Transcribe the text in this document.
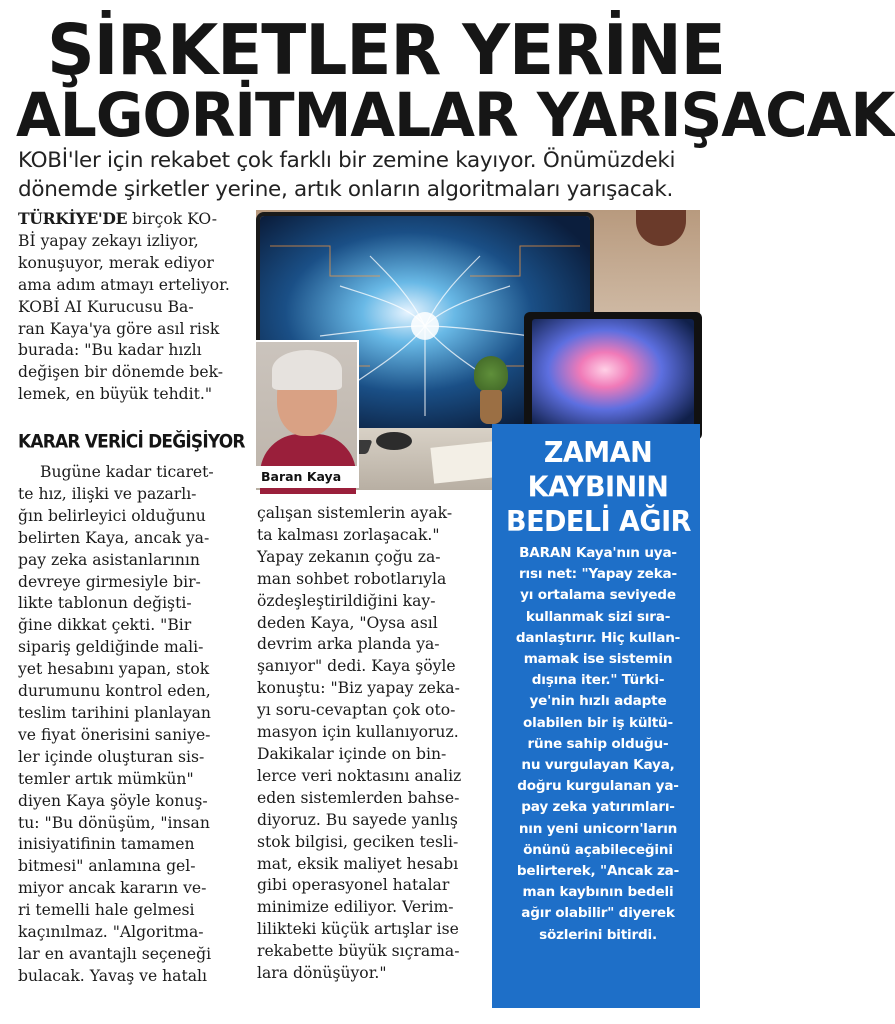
ŞİRKETLER YERİNE
ALGORİTMALAR YARIŞACAK

KOBİ'ler için rekabet çok farklı bir zemine kayıyor. Önümüzdeki

dönemde şirketler yerine, artık onların algoritmaları yarışacak.

TÜRKİYE'DE birçok KO-

Bİ yapay zekayı izliyor,

konuşuyor, merak ediyor

ama adım atmayı erteliyor.

KOBİ AI Kurucusu Ba-

ran Kaya'ya göre asıl risk

burada: "Bu kadar hızlı

değişen bir dönemde bek-

lemek, en büyük tehdit."

KARAR VERİCİ DEĞİŞİYOR

Bugüne kadar ticaret-

te hız, ilişki ve pazarlı-

ğın belirleyici olduğunu

belirten Kaya, ancak ya-

pay zeka asistanlarının

devreye girmesiyle bir-

likte tablonun değişti-

ğine dikkat çekti. "Bir

sipariş geldiğinde mali-

yet hesabını yapan, stok

durumunu kontrol eden,

teslim tarihini planlayan

ve fiyat önerisini saniye-

ler içinde oluşturan sis-

temler artık mümkün"

diyen Kaya şöyle konuş-

tu: "Bu dönüşüm, "insan

inisiyatifinin tamamen

bitmesi" anlamına gel-

miyor ancak kararın ve-

ri temelli hale gelmesi

kaçınılmaz. "Algoritma-

lar en avantajlı seçeneği

bulacak. Yavaş ve hatalı

Baran Kaya

çalışan sistemlerin ayak-

ta kalması zorlaşacak."

Yapay zekanın çoğu za-

man sohbet robotlarıyla

özdeşleştirildiğini kay-

deden Kaya, "Oysa asıl

devrim arka planda ya-

şanıyor" dedi. Kaya şöyle

konuştu: "Biz yapay zeka-

yı soru-cevaptan çok oto-

masyon için kullanıyoruz.

Dakikalar içinde on bin-

lerce veri noktasını analiz

eden sistemlerden bahse-

diyoruz. Bu sayede yanlış

stok bilgisi, geciken tesli-

mat, eksik maliyet hesabı

gibi operasyonel hatalar

minimize ediliyor. Verim-

lilikteki küçük artışlar ise

rekabette büyük sıçrama-

lara dönüşüyor."

ZAMAN

KAYBININ

BEDELİ AĞIR

BARAN Kaya'nın uya-

rısı net: "Yapay zeka-

yı ortalama seviyede

kullanmak sizi sıra-

danlaştırır. Hiç kullan-

mamak ise sistemin

dışına iter." Türki-

ye'nin hızlı adapte

olabilen bir iş kültü-

rüne sahip olduğu-

nu vurgulayan Kaya,

doğru kurgulanan ya-

pay zeka yatırımları-

nın yeni unicorn'ların

önünü açabileceğini

belirterek, "Ancak za-

man kaybının bedeli

ağır olabilir" diyerek

sözlerini bitirdi.
